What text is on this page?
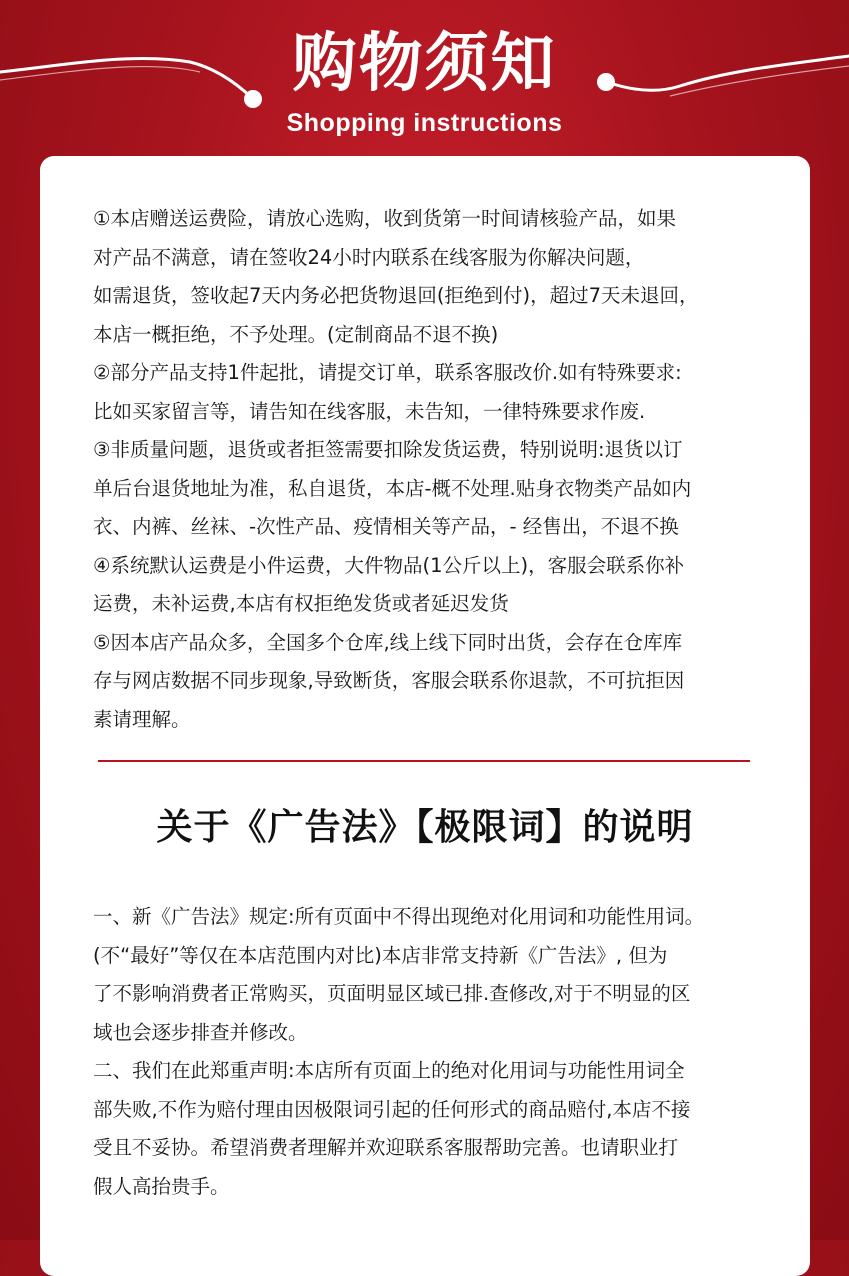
购物须知
Shopping instructions

①本店赠送运费险，请放心选购，收到货第一时间请核验产品，如果

对产品不满意，请在签收24小时内联系在线客服为你解决问题，

如需退货，签收起7天内务必把货物退回(拒绝到付)，超过7天未退回，

本店一概拒绝，不予处理。(定制商品不退不换)

②部分产品支持1件起批，请提交订单，联系客服改价.如有特殊要求:

比如买家留言等，请告知在线客服，未告知，一律特殊要求作废.

③非质量问题，退货或者拒签需要扣除发货运费，特别说明:退货以订

单后台退货地址为准，私自退货，本店-概不处理.贴身衣物类产品如内

衣、内裤、丝袜、-次性产品、疫情相关等产品，- 经售出，不退不换

④系统默认运费是小件运费，大件物品(1公斤以上)，客服会联系你补

运费，未补运费,本店有权拒绝发货或者延迟发货

⑤因本店产品众多，全国多个仓库,线上线下同时出货，会存在仓库库

存与网店数据不同步现象,导致断货，客服会联系你退款，不可抗拒因

素请理解。

关于《广告法》【极限词】的说明

一、新《广告法》规定:所有页面中不得出现绝对化用词和功能性用词。

(不“最好”等仅在本店范围内对比)本店非常支持新《广告法》, 但为

了不影响消费者正常购买，页面明显区域已排.查修改,对于不明显的区

域也会逐步排查并修改。

二、我们在此郑重声明:本店所有页面上的绝对化用词与功能性用词全

部失败,不作为赔付理由因极限词引起的任何形式的商品赔付,本店不接

受且不妥协。希望消费者理解并欢迎联系客服帮助完善。也请职业打

假人高抬贵手。
